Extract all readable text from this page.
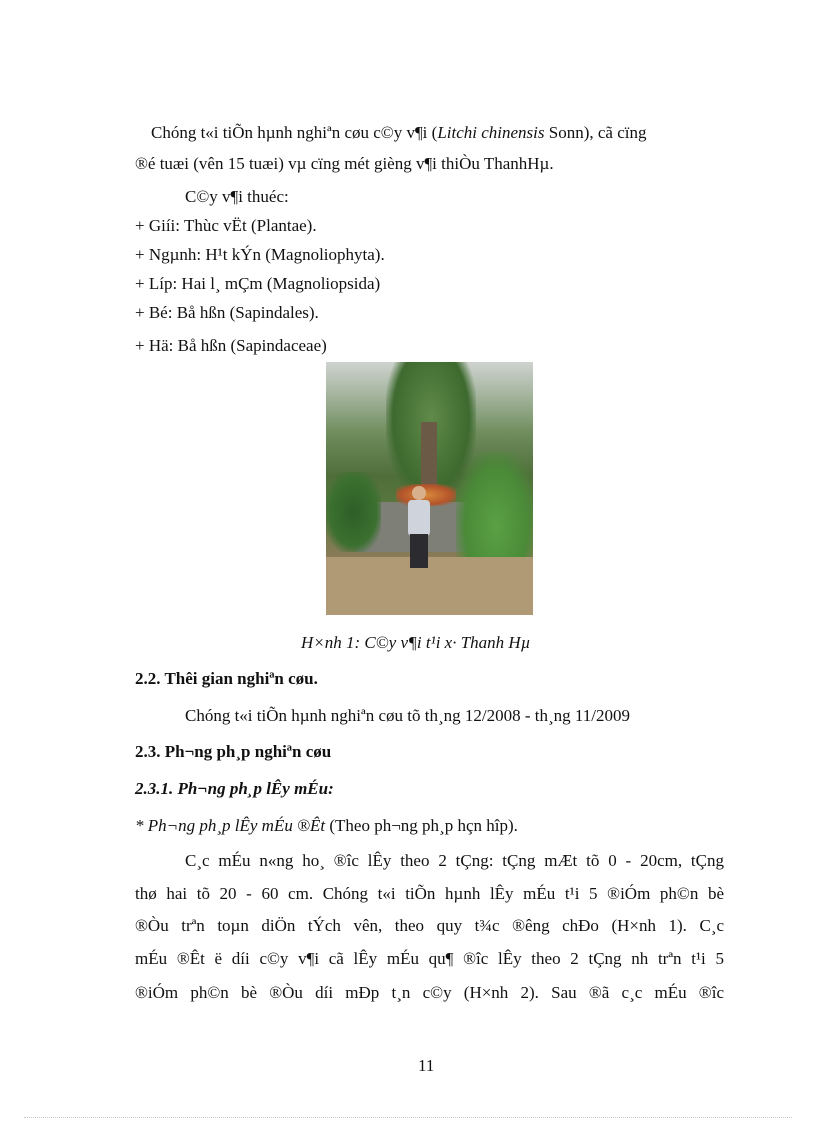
Chóng t«i tiÕn hµnh nghiªn cøu c©y v¶i (Litchi chinensis Sonn), cã cïng
®é tuæi (vên 15 tuæi) vµ cïng mét gièng v¶i thiÒu ThanhHµ.
C©y v¶i thuéc:
+ Giíi: Thùc vËt (Plantae).
+ Ngµnh: H¹t kÝn (Magnoliophyta).
+ Líp: Hai l¸ mÇm (Magnoliopsida)
+ Bé: Bå hßn (Sapindales).
+ Hä: Bå hßn (Sapindaceae)
H×nh 1: C©y v¶i t¹i x· Thanh Hµ
2.2. Thêi gian nghiªn cøu.
Chóng t«i tiÕn hµnh nghiªn cøu tõ th¸ng 12/2008 - th¸ng 11/2009
2.3. Ph¬ng ph¸p nghiªn cøu
2.3.1. Ph¬ng ph¸p lÊy mÉu:
* Ph¬ng ph¸p lÊy mÉu ®Êt (Theo ph¬ng ph¸p hçn hîp).
C¸c mÉu n«ng ho¸ ®îc lÊy theo 2 tÇng: tÇng mÆt tõ 0 - 20cm, tÇng
thø hai tõ 20 - 60 cm. Chóng t«i tiÕn hµnh lÊy mÉu t¹i 5 ®iÓm ph©n bè
®Òu trªn toµn diÖn tÝch vên, theo quy t¾c ®êng chÐo (H×nh 1). C¸c
mÉu ®Êt ë díi c©y v¶i cã lÊy mÉu qu¶ ®îc lÊy theo 2 tÇng nh trªn t¹i 5
®iÓm ph©n bè ®Òu díi mÐp t¸n c©y (H×nh 2). Sau ®ã c¸c mÉu ®îc
11
